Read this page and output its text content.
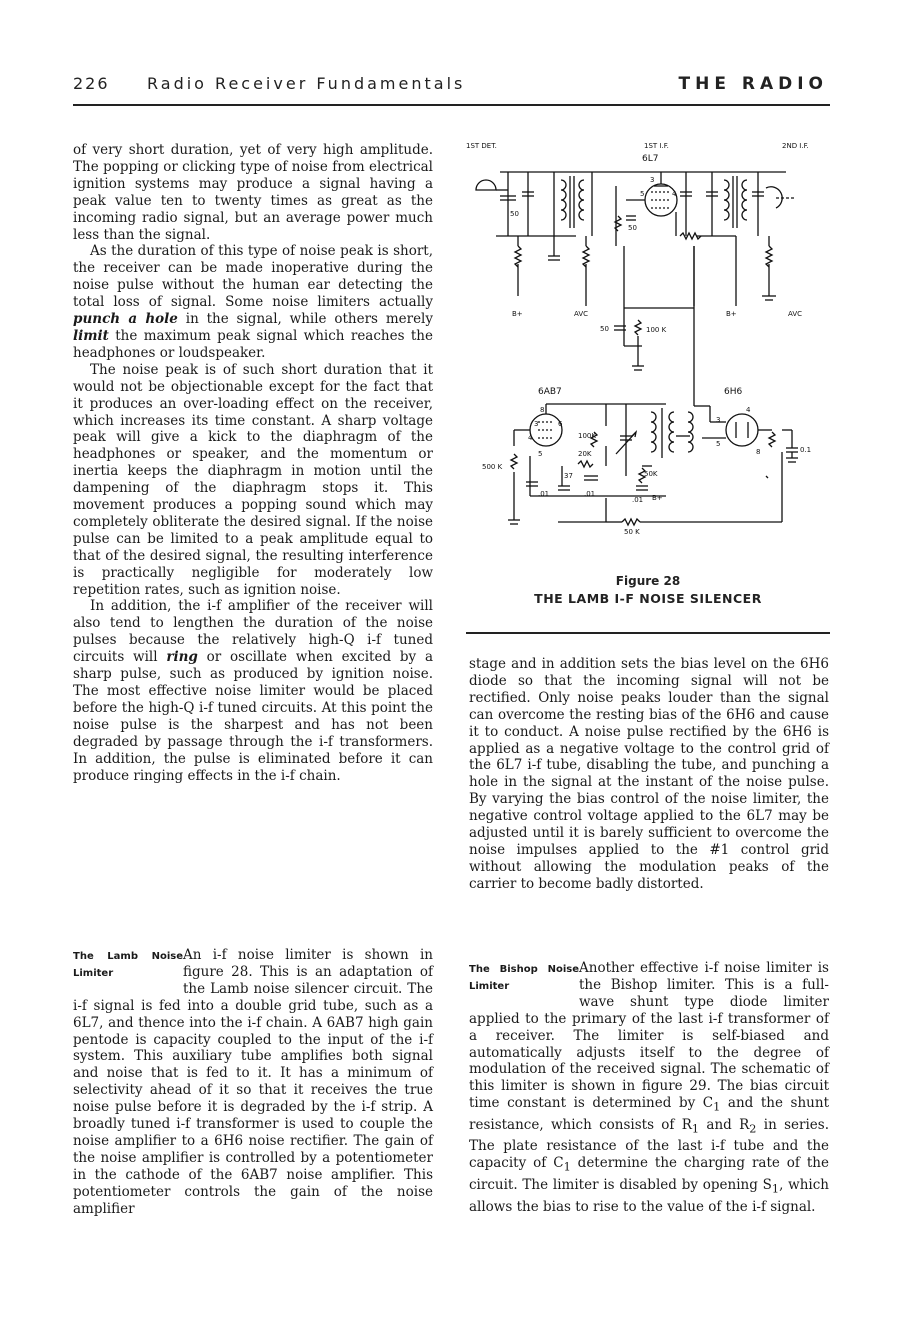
226 Radio Receiver Fundamentals	THE RADIO

of very short duration, yet of very high amplitude. The popping or clicking type of noise from electrical ignition systems may produce a signal having a peak value ten to twenty times as great as the incoming radio signal, but an average power much less than the signal.

As the duration of this type of noise peak is short, the receiver can be made inoperative during the noise pulse without the human ear detecting the total loss of signal. Some noise limiters actually punch a hole in the signal, while others merely limit the maximum peak signal which reaches the headphones or loudspeaker.

The noise peak is of such short duration that it would not be objectionable except for the fact that it produces an over-loading effect on the receiver, which increases its time constant. A sharp voltage peak will give a kick to the diaphragm of the headphones or speaker, and the momentum or inertia keeps the diaphragm in motion until the dampening of the diaphragm stops it. This movement produces a popping sound which may completely obliterate the desired signal. If the noise pulse can be limited to a peak amplitude equal to that of the desired signal, the resulting interference is practically negligible for moderately low repetition rates, such as ignition noise.

In addition, the i-f amplifier of the receiver will also tend to lengthen the duration of the noise pulses because the relatively high-Q i-f tuned circuits will ring or oscillate when excited by a sharp pulse, such as produced by ignition noise. The most effective noise limiter would be placed before the high-Q i-f tuned circuits. At this point the noise pulse is the sharpest and has not been degraded by passage through the i-f transformers. In addition, the pulse is eliminated before it can produce ringing effects in the i-f chain.

The Lamb Noise Limiter
An i-f noise limiter is shown in figure 28. This is an adaptation of the Lamb noise silencer circuit. The i-f signal is fed into a double grid tube, such as a 6L7, and thence into the i-f chain. A 6AB7 high gain pentode is capacity coupled to the input of the i-f system. This auxiliary tube amplifies both signal and noise that is fed to it. It has a minimum of selectivity ahead of it so that it receives the true noise pulse before it is degraded by the i-f strip. A broadly tuned i-f transformer is used to couple the noise amplifier to a 6H6 noise rectifier. The gain of the noise amplifier is controlled by a potentiometer in the cathode of the 6AB7 noise amplifier. This potentiometer controls the gain of the noise amplifier

1ST DET.	1ST I.F.
6L7
2ND I.F.
50
3
5	4
50
B+	AVC	B+	AVC
50	100 K
6AB7	6H6
3
4
8
6
5
500 K
100K
20K
37
.01	.01
50K
.01 B+
50 K
3
4
5
8	0.1
Figure 28
THE LAMB I-F NOISE SILENCER

stage and in addition sets the bias level on the 6H6 diode so that the incoming signal will not be rectified. Only noise peaks louder than the signal can overcome the resting bias of the 6H6 and cause it to conduct. A noise pulse rectified by the 6H6 is applied as a negative voltage to the control grid of the 6L7 i-f tube, disabling the tube, and punching a hole in the signal at the instant of the noise pulse. By varying the bias control of the noise limiter, the negative control voltage applied to the 6L7 may be adjusted until it is barely sufficient to overcome the noise impulses applied to the #1 control grid without allowing the modulation peaks of the carrier to become badly distorted.

The Bishop Noise Limiter
Another effective i-f noise limiter is the Bishop limiter. This is a full-wave shunt type diode limiter applied to the primary of the last i-f transformer of a receiver. The limiter is self-biased and automatically adjusts itself to the degree of modulation of the received signal. The schematic of this limiter is shown in figure 29. The bias circuit time constant is determined by $C_1$ and the shunt resistance, which consists of $R_1$ and $R_2$ in series. The plate resistance of the last i-f tube and the capacity of $C_1$ determine the charging rate of the circuit. The limiter is disabled by opening $S_1$, which allows the bias to rise to the value of the i-f signal.
